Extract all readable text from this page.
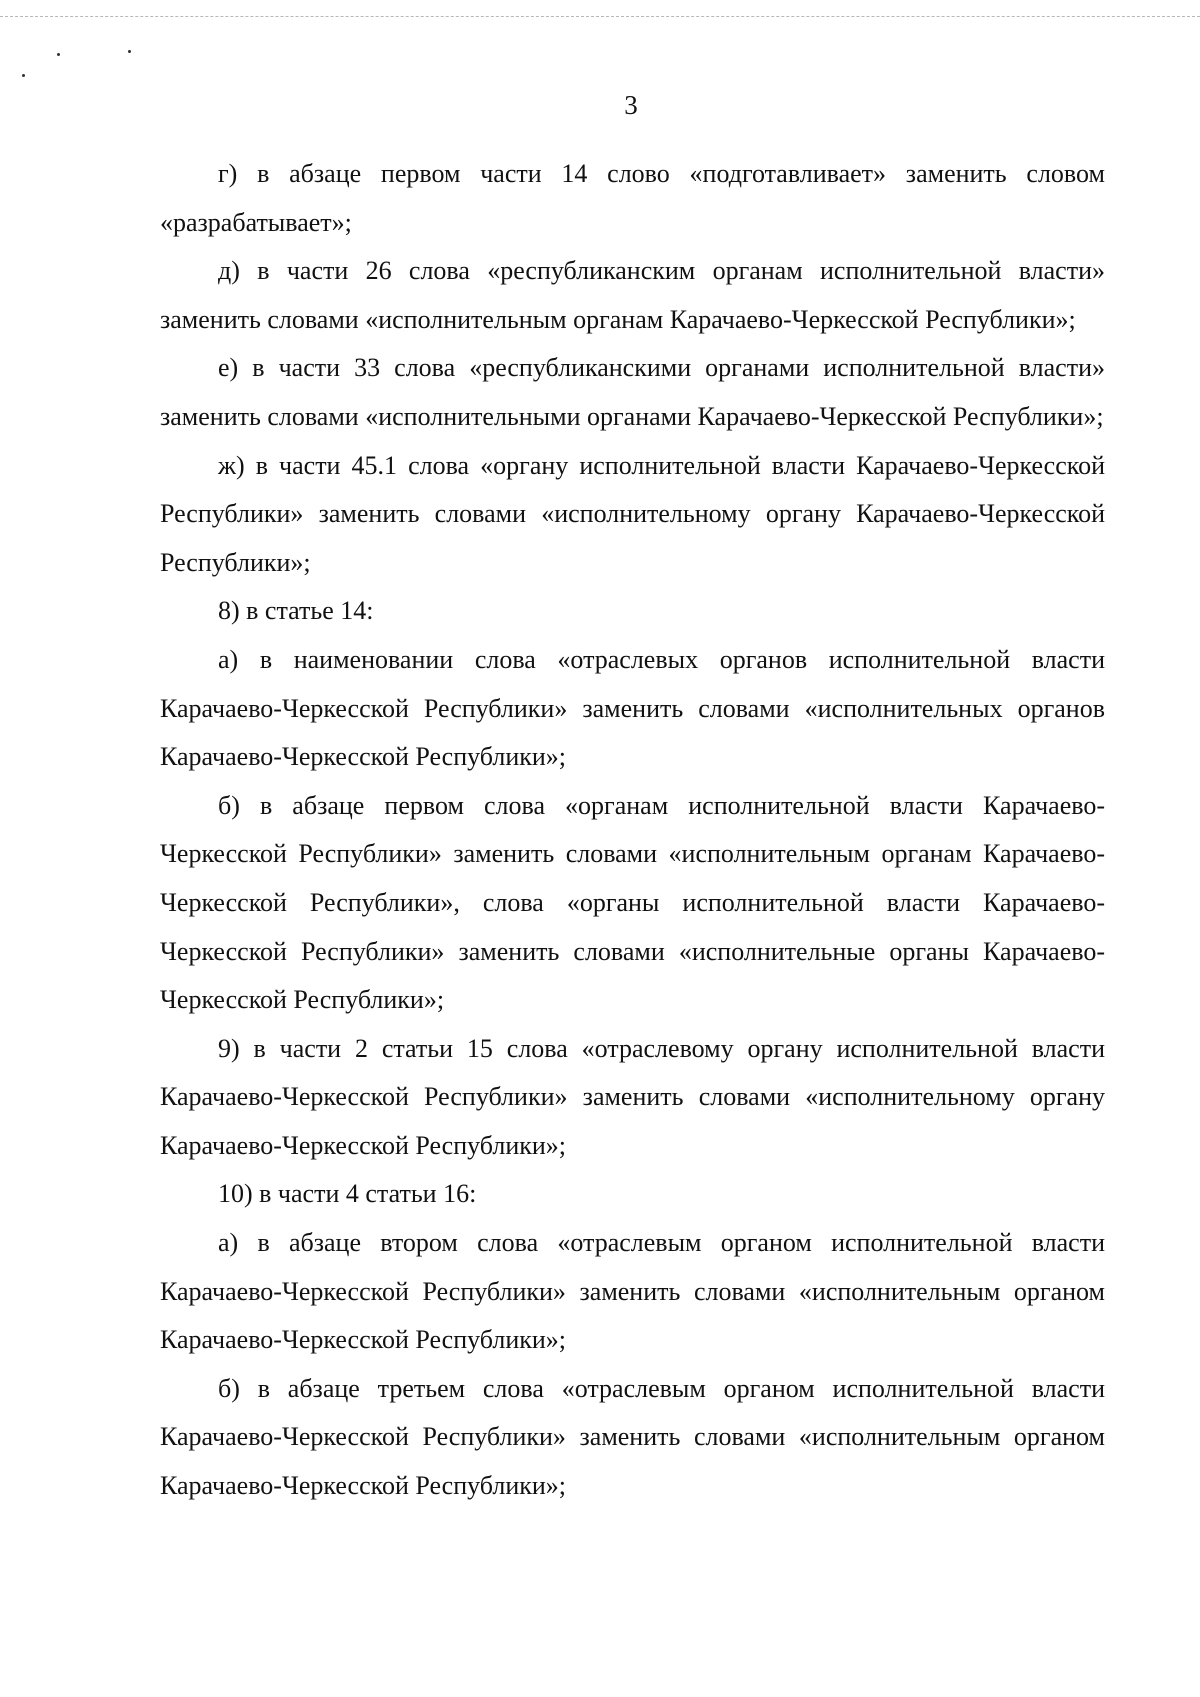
3

г) в абзаце первом части 14 слово «подготавливает» заменить словом «разрабатывает»;

д) в части 26 слова «республиканским органам исполнительной власти» заменить словами «исполнительным органам Карачаево-Черкесской Республики»;

е) в части 33 слова «республиканскими органами исполнительной власти» заменить словами «исполнительными органами Карачаево-Черкесской Республики»;

ж) в части 45.1 слова «органу исполнительной власти Карачаево-Черкесской Республики» заменить словами «исполнительному органу Карачаево-Черкесской Республики»;

8) в статье 14:

а) в наименовании слова «отраслевых органов исполнительной власти Карачаево-Черкесской Республики» заменить словами «исполнительных органов Карачаево-Черкесской Республики»;

б) в абзаце первом слова «органам исполнительной власти Карачаево-Черкесской Республики» заменить словами «исполнительным органам Карачаево-Черкесской Республики», слова «органы исполнительной власти Карачаево-Черкесской Республики» заменить словами «исполнительные органы Карачаево-Черкесской Республики»;

9) в части 2 статьи 15 слова «отраслевому органу исполнительной власти Карачаево-Черкесской Республики» заменить словами «исполнительному органу Карачаево-Черкесской Республики»;

10) в части 4 статьи 16:

а) в абзаце втором слова «отраслевым органом исполнительной власти Карачаево-Черкесской Республики» заменить словами «исполнительным органом Карачаево-Черкесской Республики»;

б) в абзаце третьем слова «отраслевым органом исполнительной власти Карачаево-Черкесской Республики» заменить словами «исполнительным органом Карачаево-Черкесской Республики»;
